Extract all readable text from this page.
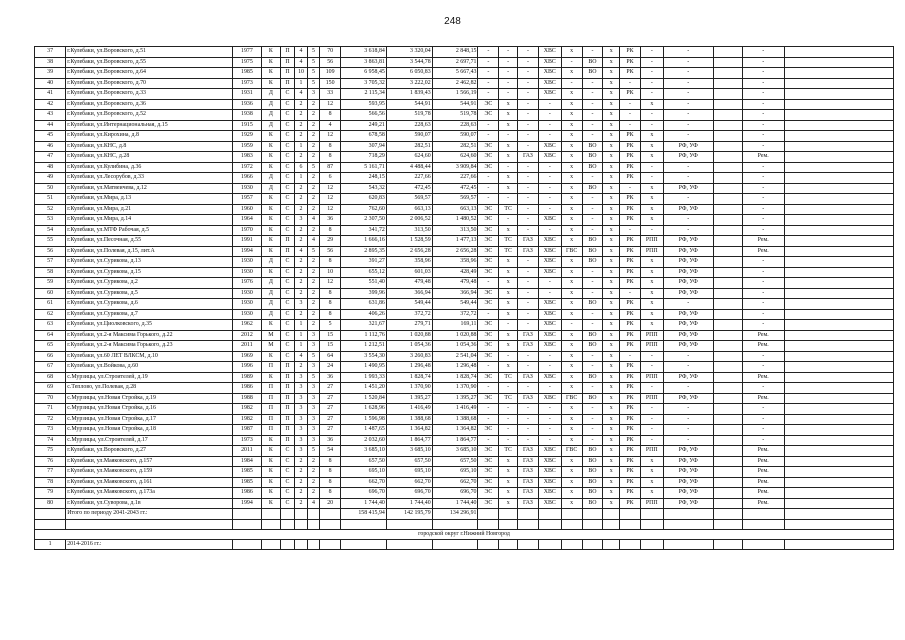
248
37	г.Кулебаки, ул.Воровского, д.51	1977	К	П	4	5	70	3 618,84	3 320,04	2 848,15	-	-	-	ХВС	х	-	х	РК	-	-		-	
38	г.Кулебаки, ул.Воровского, д.55	1975	К	П	4	5	56	3 863,81	3 544,78	2 697,71	-	-	-	ХВС	-	ВО	х	РК	-	-		-	
39	г.Кулебаки, ул.Воровского, д.64	1985	К	П	10	5	109	6 958,45	6 050,83	5 667,43	-	-	-	ХВС	х	ВО	х	РК	-	-		-	
40	г.Кулебаки, ул.Воровского, д.70	1973	К	П	1	5	150	3 705,32	3 222,02	2 462,82	-	-	-	ХВС	-	-	х	-	-	-		-	
41	г.Кулебаки, ул.Воровского, д.33	1931	Д	С	4	3	33	2 115,34	1 839,43	1 566,19	-	-	-	ХВС	х	-	х	РК	-	-		-	
42	г.Кулебаки, ул.Воровского, д.36	1936	Д	С	2	2	12	593,95	544,91	544,91	ЭС	х	-	-	х	-	х	-	х	-		-	
43	г.Кулебаки, ул.Воровского, д.52	1938	Д	С	2	2	8	566,56	519,78	519,78	ЭС	х	-	-	х	-	х	-	-	-		-	
44	г.Кулебаки, ул.Интернациональная, д.15	1915	Д	С	2	2	4	249,21	228,63	228,63	-	х	-	-	х	-	х	-	-	-		-	
45	г.Кулебаки, ул.Кирохина, д.8	1929	К	С	2	2	12	678,58	590,07	590,07	-	-	-	-	х	-	х	РК	х	-		-	
46	г.Кулебаки, ул.КНС, д.8	1959	К	С	1	2	8	307,94	282,51	282,51	ЭС	х	-	ХВС	х	ВО	х	РК	х	РФ, УФ		-	
47	г.Кулебаки, ул.КНС, д.28	1983	К	С	2	2	8	718,29	624,60	624,60	ЭС	х	ГАЗ	ХВС	х	ВО	х	РК	х	РФ, УФ		Рем.	
48	г.Кулебаки, ул.Кулибина, д.36	1972	К	С	6	5	87	5 161,71	4 488,44	3 909,84	ЭС	-	-	-	х	ВО	х	РК	-	-		-	
49	г.Кулебаки, ул.Лесорубов, д.33	1966	Д	С	1	2	6	248,15	227,66	227,66	-	х	-	-	х	-	х	РК	-	-		-	
50	г.Кулебаки, ул.Матвеичева, д.12	1930	Д	С	2	2	12	543,32	472,45	472,45	-	х	-	-	х	ВО	х	-	х	РФ, УФ		-	
51	г.Кулебаки, ул.Мира, д.13	1957	К	С	2	2	12	620,83	569,57	569,57	-	-	-	-	х	-	х	РК	х	-		-	
52	г.Кулебаки, ул.Мира, д.21	1960	К	С	2	2	12	762,60	663,13	663,13	ЭС	ТС	-	-	х	-	х	РК	х	РФ, УФ		-	
53	г.Кулебаки, ул.Мира, д.14	1964	К	С	3	4	36	2 307,50	2 006,52	1 480,52	ЭС	-	-	ХВС	х	-	х	РК	х	-		-	
54	г.Кулебаки, ул.МТФ Рабочая, д.5	1970	К	С	2	2	8	341,72	313,50	313,50	ЭС	х	-	-	х	-	х	-	-	-		-	
55	г.Кулебаки, ул.Песочная, д.55	1991	К	П	2	4	29	1 666,16	1 528,59	1 477,13	ЭС	ТС	ГАЗ	ХВС	х	ВО	х	РК	РПП	РФ, УФ		Рем.	
56	г.Кулебаки, ул.Полевая, д.15, лит.А	1994	К	П	4	5	56	2 895,35	2 656,28	2 656,28	ЭС	ТС	ГАЗ	ХВС	ГВС	ВО	х	РК	РПП	РФ, УФ		Рем.	
57	г.Кулебаки, ул.Сурикова, д.13	1930	Д	С	2	2	8	391,27	358,96	358,96	ЭС	х	-	ХВС	х	ВО	х	РК	х	РФ, УФ		-	
58	г.Кулебаки, ул.Сурикова, д.15	1930	К	С	2	2	10	655,12	601,03	428,49	ЭС	х	-	ХВС	х	-	х	РК	х	РФ, УФ		-	
59	г.Кулебаки, ул.Сурикова, д.2	1976	Д	С	2	2	12	551,40	479,48	479,48	-	х	-	-	х	-	х	РК	х	РФ, УФ		-	
60	г.Кулебаки, ул.Сурикова, д.5	1930	Д	С	2	2	8	399,96	366,94	366,94	ЭС	х	-	-	х	-	х	-	х	РФ, УФ		-	
61	г.Кулебаки, ул.Сурикова, д.6	1930	Д	С	3	2	8	631,86	549,44	549,44	ЭС	х	-	ХВС	х	ВО	х	РК	х	-		-	
62	г.Кулебаки, ул.Сурикова, д.7	1930	Д	С	2	2	8	406,26	372,72	372,72	-	х	-	ХВС	х	-	х	РК	х	РФ, УФ		-	
63	г.Кулебаки, ул.Циолковского, д.35	1962	К	С	1	2	5	321,67	279,71	169,11	ЭС	-	-	ХВС	-	-	х	РК	х	РФ, УФ		-	
64	г.Кулебаки, ул.2-я Максима Горького, д.22	2012	М	С	1	3	15	1 112,76	1 020,88	1 020,88	ЭС	х	ГАЗ	ХВС	х	ВО	х	РК	РПП	РФ, УФ		Рем.	
65	г.Кулебаки, ул.2-я Максима Горького, д.23	2011	М	С	1	3	15	1 212,51	1 054,36	1 054,36	ЭС	х	ГАЗ	ХВС	х	ВО	х	РК	РПП	РФ, УФ		Рем.	
66	г.Кулебаки, ул.60 ЛЕТ ВЛКСМ, д.10	1969	К	С	4	5	64	3 554,30	3 260,83	2 541,04	ЭС	-	-	-	х	-	х	-	-	-		-	
67	г.Кулебаки, ул.Войкова, д.60	1996	П	П	2	3	24	1 490,95	1 296,48	1 296,48	-	х	-	-	х	-	х	РК	-	-		-	
68	с.Мурзицы, ул.Строителей, д.19	1989	К	П	3	5	36	1 993,33	1 828,74	1 828,74	ЭС	ТС	ГАЗ	ХВС	х	ВО	х	РК	РПП	РФ, УФ		Рем.	
69	с.Теплово, ул.Полевая, д.28	1986	П	П	3	3	27	1 451,20	1 370,90	1 370,90	-	-	-	-	х	-	х	РК	-	-		-	
70	с.Мурзицы, ул.Новая Стройка, д.19	1988	П	П	3	3	27	1 520,84	1 395,27	1 395,27	ЭС	ТС	ГАЗ	ХВС	ГВС	ВО	х	РК	РПП	РФ, УФ		Рем.	
71	с.Мурзицы, ул.Новая Стройка, д.16	1982	П	П	3	3	27	1 628,96	1 416,49	1 416,49	-	-	-	-	х	-	х	РК	-	-		-	
72	с.Мурзицы, ул.Новая Стройка, д.17	1982	П	П	3	3	27	1 596,98	1 388,68	1 388,68	-	-	-	-	х	-	х	РК	-	-		-	
73	с.Мурзицы, ул.Новая Стройка, д.18	1987	П	П	3	3	27	1 487,65	1 364,82	1 364,82	ЭС	-	-	-	х	-	х	РК	-	-		-	
74	с.Мурзицы, ул.Строителей, д.17	1973	К	П	3	3	36	2 032,60	1 864,77	1 864,77	-	-	-	-	х	-	х	РК	-	-		-	
75	г.Кулебаки, ул.Воровского, д.27	2011	К	С	3	5	54	3 685,10	3 685,10	3 685,10	ЭС	ТС	ГАЗ	ХВС	ГВС	ВО	х	РК	РПП	РФ, УФ		Рем.	
76	г.Кулебаки, ул.Маяковского, д.157	1984	К	С	2	2	8	657,50	657,50	657,50	ЭС	х	ГАЗ	ХВС	х	ВО	х	РК	х	РФ, УФ		Рем.	
77	г.Кулебаки, ул.Маяковского, д.159	1985	К	С	2	2	8	695,10	695,10	695,10	ЭС	х	ГАЗ	ХВС	х	ВО	х	РК	х	РФ, УФ		Рем.	
78	г.Кулебаки, ул.Маяковского, д.161	1985	К	С	2	2	8	662,70	662,70	662,70	ЭС	х	ГАЗ	ХВС	х	ВО	х	РК	х	РФ, УФ		Рем.	
79	г.Кулебаки, ул.Маяковского, д.173а	1986	К	С	2	2	8	696,70	696,70	696,70	ЭС	х	ГАЗ	ХВС	х	ВО	х	РК	х	РФ, УФ		Рем.	
80	г.Кулебаки, ул.Суворова, д.1в	1994	К	С	2	4	20	1 744,40	1 744,40	1 744,40	ЭС	х	ГАЗ	ХВС	х	ВО	х	РК	РПП	РФ, УФ		Рем.	
	Итого по периоду 2041-2043 гг.:							158 415,94	142 195,79	134 296,91													

городской округ г.Нижний Новгород																							
1	2014-2016 гг.:																						
